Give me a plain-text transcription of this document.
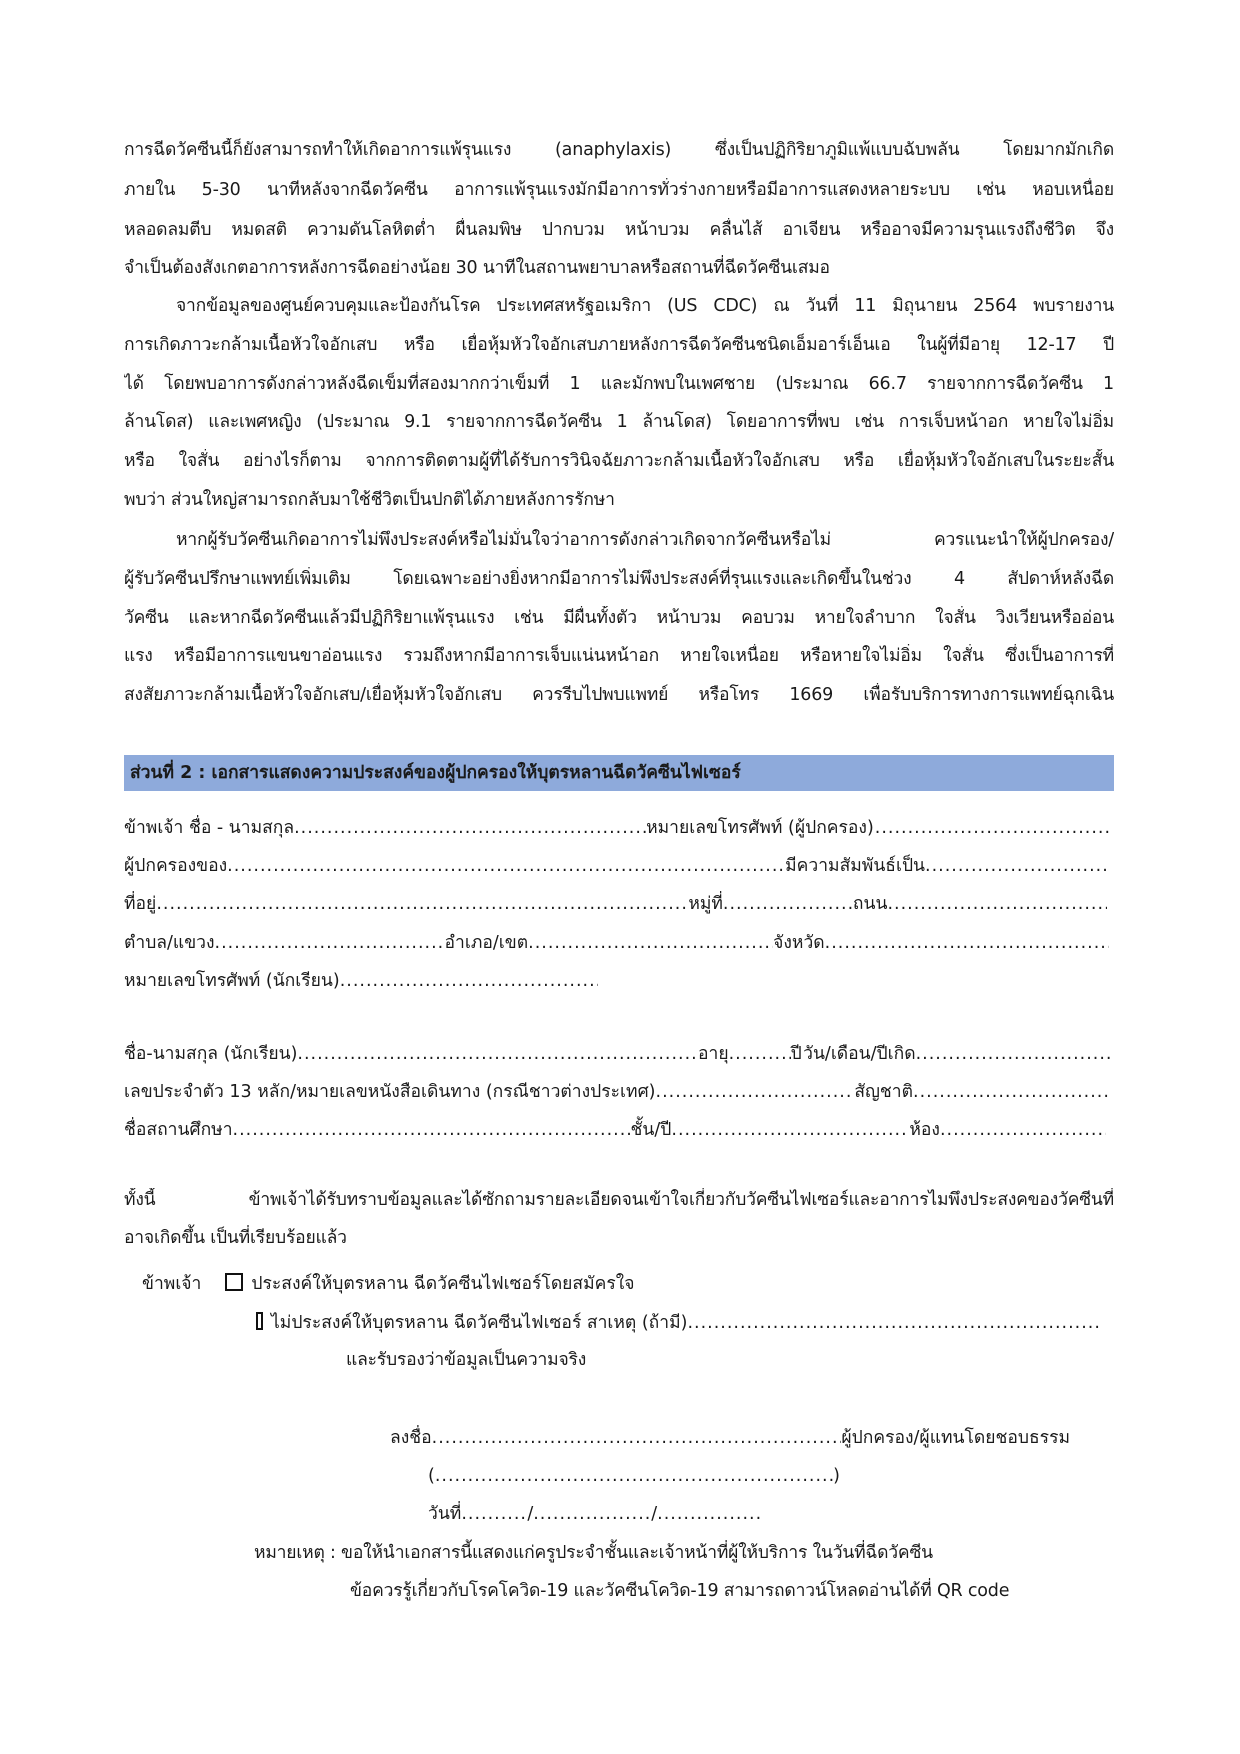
การฉีดวัคซีนนี้ก็ยังสามารถทำให้เกิดอาการแพ้รุนแรง (anaphylaxis) ซึ่งเป็นปฏิกิริยาภูมิแพ้แบบฉับพลัน โดยมากมักเกิด
ภายใน 5-30 นาทีหลังจากฉีดวัคซีน อาการแพ้รุนแรงมักมีอาการทั่วร่างกายหรือมีอาการแสดงหลายระบบ เช่น หอบเหนื่อย
หลอดลมตีบ หมดสติ ความดันโลหิตต่ำ ผื่นลมพิษ ปากบวม หน้าบวม คลื่นไส้ อาเจียน หรืออาจมีความรุนแรงถึงชีวิต จึง
จำเป็นต้องสังเกตอาการหลังการฉีดอย่างน้อย 30 นาทีในสถานพยาบาลหรือสถานที่ฉีดวัคซีนเสมอ
จากข้อมูลของศูนย์ควบคุมและป้องกันโรค ประเทศสหรัฐอเมริกา (US CDC) ณ วันที่ 11 มิถุนายน 2564 พบรายงาน
การเกิดภาวะกล้ามเนื้อหัวใจอักเสบ หรือ เยื่อหุ้มหัวใจอักเสบภายหลังการฉีดวัคซีนชนิดเอ็มอาร์เอ็นเอ ในผู้ที่มีอายุ 12-17 ปี
ได้ โดยพบอาการดังกล่าวหลังฉีดเข็มที่สองมากกว่าเข็มที่ 1 และมักพบในเพศชาย (ประมาณ 66.7 รายจากการฉีดวัคซีน 1
ล้านโดส) และเพศหญิง (ประมาณ 9.1 รายจากการฉีดวัคซีน 1 ล้านโดส) โดยอาการที่พบ เช่น การเจ็บหน้าอก หายใจไม่อิ่ม
หรือ ใจสั่น อย่างไรก็ตาม จากการติดตามผู้ที่ได้รับการวินิจฉัยภาวะกล้ามเนื้อหัวใจอักเสบ หรือ เยื่อหุ้มหัวใจอักเสบในระยะสั้น
พบว่า ส่วนใหญ่สามารถกลับมาใช้ชีวิตเป็นปกติได้ภายหลังการรักษา
หากผู้รับวัคซีนเกิดอาการไม่พึงประสงค์หรือไม่มั่นใจว่าอาการดังกล่าวเกิดจากวัคซีนหรือไม่ ควรแนะนำให้ผู้ปกครอง/
ผู้รับวัคซีนปรึกษาแพทย์เพิ่มเติม โดยเฉพาะอย่างยิ่งหากมีอาการไม่พึงประสงค์ที่รุนแรงและเกิดขึ้นในช่วง 4 สัปดาห์หลังฉีด
วัคซีน และหากฉีดวัคซีนแล้วมีปฏิกิริยาแพ้รุนแรง เช่น มีผื่นทั้งตัว หน้าบวม คอบวม หายใจลำบาก ใจสั่น วิงเวียนหรืออ่อน
แรง หรือมีอาการแขนขาอ่อนแรง รวมถึงหากมีอาการเจ็บแน่นหน้าอก หายใจเหนื่อย หรือหายใจไม่อิ่ม ใจสั่น ซึ่งเป็นอาการที่
สงสัยภาวะกล้ามเนื้อหัวใจอักเสบ/เยื่อหุ้มหัวใจอักเสบ ควรรีบไปพบแพทย์ หรือโทร 1669 เพื่อรับบริการทางการแพทย์ฉุกเฉิน
ส่วนที่ 2 : เอกสารแสดงความประสงค์ของผู้ปกครองให้บุตรหลานฉีดวัคซีนไฟเซอร์
ข้าพเจ้า ชื่อ - นามสกุล .....	หมายเลขโทรศัพท์ (ผู้ปกครอง)
.....
ผู้ปกครองของ .....	มีความสัมพันธ์เป็น
.....
ที่อยู่ .....	หมู่ที่ .....	ถนน
.....
ตำบล/แขวง .....	อำเภอ/เขต .....	จังหวัด
.....
หมายเลขโทรศัพท์ (นักเรียน)
.....
ชื่อ-นามสกุล (นักเรียน) .....	อายุ .....	ปี วัน/เดือน/ปีเกิด
.....
เลขประจำตัว 13 หลัก/หมายเลขหนังสือเดินทาง (กรณีชาวต่างประเทศ) .....	สัญชาติ
.....
ชื่อสถานศึกษา .....	ชั้น/ปี .....	ห้อง
.....
ทั้งนี้ ข้าพเจ้าได้รับทราบข้อมูลและได้ซักถามรายละเอียดจนเข้าใจเกี่ยวกับวัคซีนไฟเซอร์และอาการไมพึงประสงคของวัคซีนที่
อาจเกิดขึ้น เป็นที่เรียบร้อยแล้ว
ข้าพเจ้า	ประสงค์ให้บุตรหลาน ฉีดวัคซีนไฟเซอร์โดยสมัครใจ
ไม่ประสงค์ให้บุตรหลาน ฉีดวัคซีนไฟเซอร์ สาเหตุ (ถ้ามี)
.....
และรับรองว่าข้อมูลเป็นความจริง
ลงชื่อ .....	ผู้ปกครอง/ผู้แทนโดยชอบธรรม
( .....	)
วันที่ .....	/ .....	/
.....
หมายเหตุ : ขอให้นำเอกสารนี้แสดงแก่ครูประจำชั้นและเจ้าหน้าที่ผู้ให้บริการ ในวันที่ฉีดวัคซีน
ข้อควรรู้เกี่ยวกับโรคโควิด-19 และวัคซีนโควิด-19 สามารถดาวน์โหลดอ่านได้ที่ QR code
